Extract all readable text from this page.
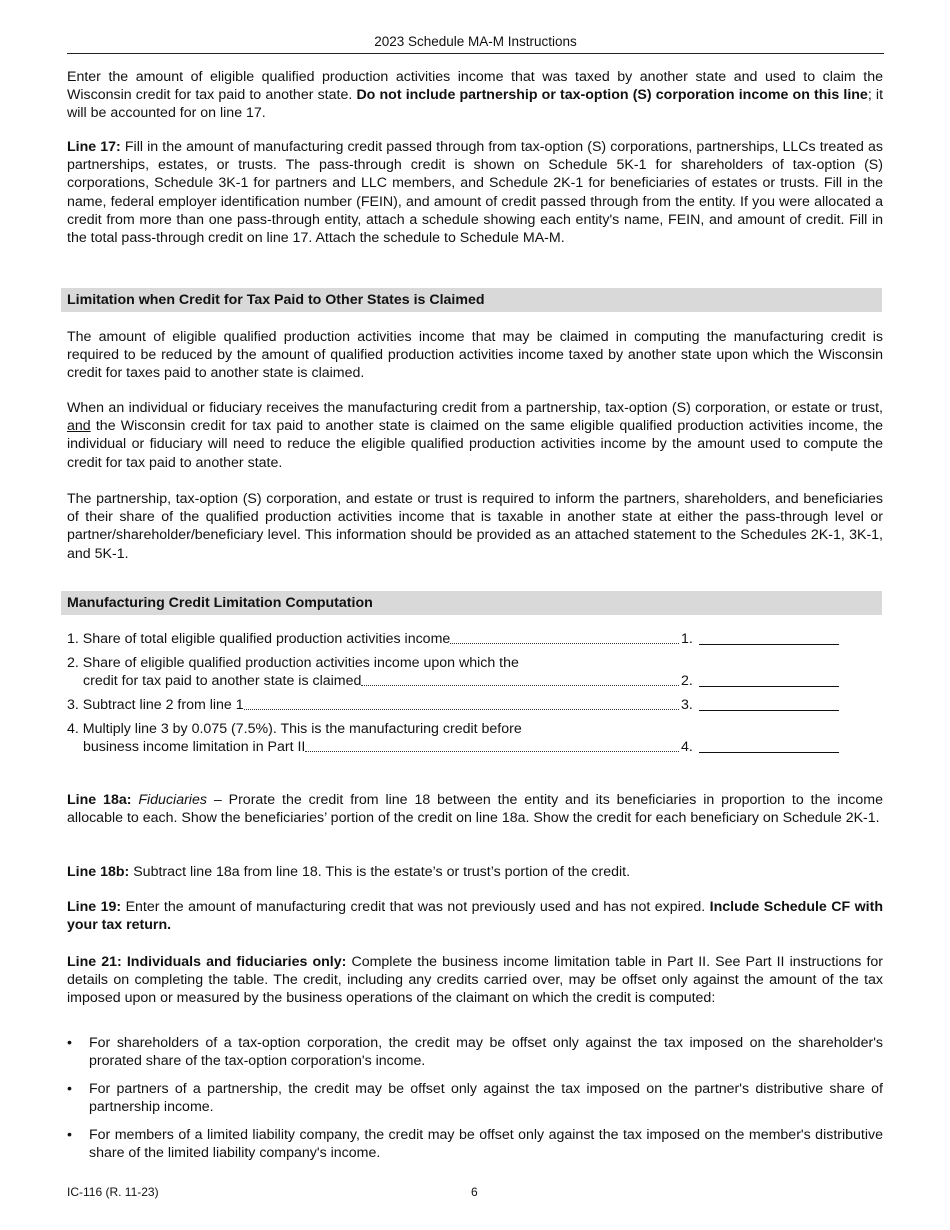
2023 Schedule MA-M Instructions

Enter the amount of eligible qualified production activities income that was taxed by another state and used to claim the Wisconsin credit for tax paid to another state. Do not include partnership or tax-option (S) corporation income on this line; it will be accounted for on line 17.

Line 17: Fill in the amount of manufacturing credit passed through from tax-option (S) corporations, partnerships, LLCs treated as partnerships, estates, or trusts. The pass-through credit is shown on Schedule 5K-1 for shareholders of tax-option (S) corporations, Schedule 3K-1 for partners and LLC members, and Schedule 2K-1 for beneficiaries of estates or trusts. Fill in the name, federal employer identification number (FEIN), and amount of credit passed through from the entity. If you were allocated a credit from more than one pass-through entity, attach a schedule showing each entity's name, FEIN, and amount of credit. Fill in the total pass-through credit on line 17. Attach the schedule to Schedule MA-M.

Limitation when Credit for Tax Paid to Other States is Claimed

The amount of eligible qualified production activities income that may be claimed in computing the manufacturing credit is required to be reduced by the amount of qualified production activities income taxed by another state upon which the Wisconsin credit for taxes paid to another state is claimed.

When an individual or fiduciary receives the manufacturing credit from a partnership, tax-option (S) corporation, or estate or trust, and the Wisconsin credit for tax paid to another state is claimed on the same eligible qualified production activities income, the individual or fiduciary will need to reduce the eligible qualified production activities income by the amount used to compute the credit for tax paid to another state.

The partnership, tax-option (S) corporation, and estate or trust is required to inform the partners, shareholders, and beneficiaries of their share of the qualified production activities income that is taxable in another state at either the pass-through level or partner/shareholder/beneficiary level. This information should be provided as an attached statement to the Schedules 2K-1, 3K-1, and 5K-1.

Manufacturing Credit Limitation Computation
1. Share of total eligible qualified production activities income	1.
2. Share of eligible qualified production activities income upon which the
credit for tax paid to another state is claimed	2.
3. Subtract line 2 from line 1	3.
4. Multiply line 3 by 0.075 (7.5%). This is the manufacturing credit before
business income limitation in Part II	4.

Line 18a: Fiduciaries – Prorate the credit from line 18 between the entity and its beneficiaries in proportion to the income allocable to each. Show the beneficiaries’ portion of the credit on line 18a. Show the credit for each beneficiary on Schedule 2K-1.

Line 18b: Subtract line 18a from line 18. This is the estate’s or trust’s portion of the credit.

Line 19: Enter the amount of manufacturing credit that was not previously used and has not expired. Include Schedule CF with your tax return.

Line 21: Individuals and fiduciaries only: Complete the business income limitation table in Part II. See Part II instructions for details on completing the table. The credit, including any credits carried over, may be offset only against the amount of the tax imposed upon or measured by the business operations of the claimant on which the credit is computed:

•	For shareholders of a tax-option corporation, the credit may be offset only against the tax imposed on the shareholder's prorated share of the tax-option corporation's income.
•	For partners of a partnership, the credit may be offset only against the tax imposed on the partner's distributive share of partnership income.
•	For members of a limited liability company, the credit may be offset only against the tax imposed on the member's distributive share of the limited liability company's income.
IC-116 (R. 11-23)	6
